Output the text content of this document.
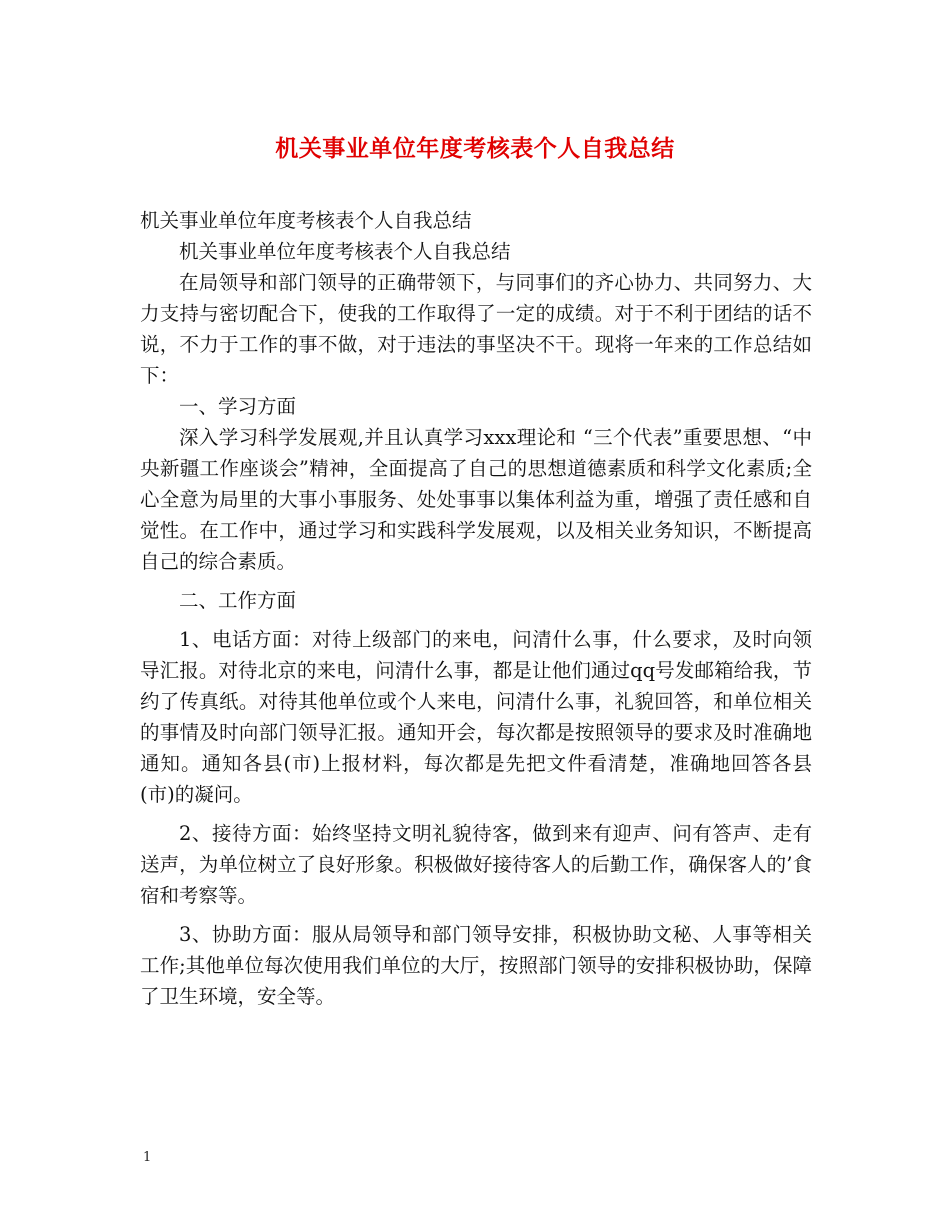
机关事业单位年度考核表个人自我总结

机关事业单位年度考核表个人自我总结

机关事业单位年度考核表个人自我总结

在局领导和部门领导的正确带领下，与同事们的齐心协力、共同努力、大力支持与密切配合下，使我的工作取得了一定的成绩。对于不利于团结的话不说，不力于工作的事不做，对于违法的事坚决不干。现将一年来的工作总结如下：

一、学习方面

深入学习科学发展观,并且认真学习xxx理论和 “三个代表”重要思想、“中央新疆工作座谈会”精神，全面提高了自己的思想道德素质和科学文化素质;全心全意为局里的大事小事服务、处处事事以集体利益为重，增强了责任感和自觉性。在工作中，通过学习和实践科学发展观，以及相关业务知识，不断提高自己的综合素质。

二、工作方面

1、电话方面：对待上级部门的来电，问清什么事，什么要求，及时向领导汇报。对待北京的来电，问清什么事，都是让他们通过qq号发邮箱给我，节约了传真纸。对待其他单位或个人来电，问清什么事，礼貌回答，和单位相关的事情及时向部门领导汇报。通知开会，每次都是按照领导的要求及时准确地通知。通知各县(市)上报材料，每次都是先把文件看清楚，准确地回答各县(市)的凝问。

2、接待方面：始终坚持文明礼貌待客，做到来有迎声、问有答声、走有送声，为单位树立了良好形象。积极做好接待客人的后勤工作，确保客人的’食宿和考察等。

3、协助方面：服从局领导和部门领导安排，积极协助文秘、人事等相关工作;其他单位每次使用我们单位的大厅，按照部门领导的安排积极协助，保障了卫生环境，安全等。

1
